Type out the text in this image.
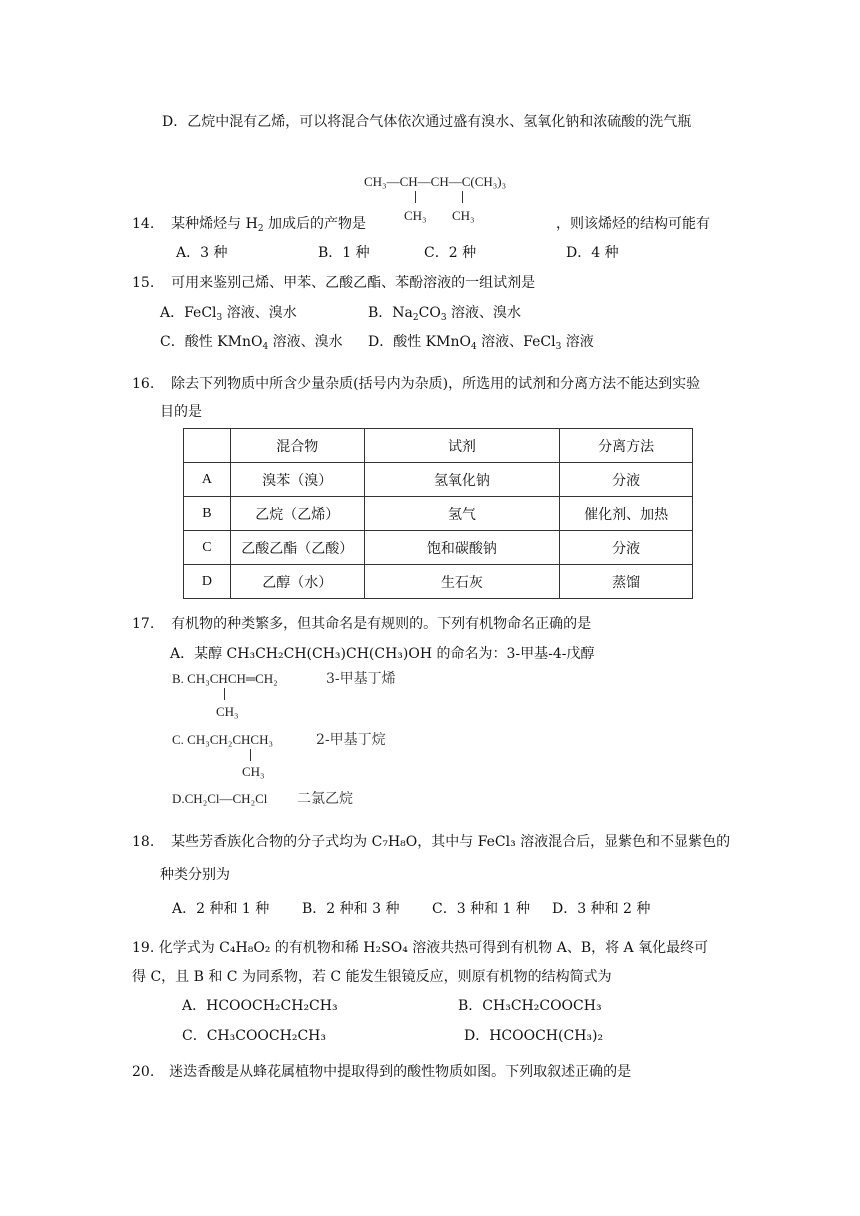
D．乙烷中混有乙烯，可以将混合气体依次通过盛有溴水、氢氧化钠和浓硫酸的洗气瓶
CH₃—CH—CH—C(CH₃)₃
CH₃ CH₃
14. 某种烯烃与 $H_2$ 加成后的产物是	，则该烯烃的结构可能有
A．3 种	B．1 种	C．2 种	D．4 种
15. 可用来鉴别己烯、甲苯、乙酸乙酯、苯酚溶液的一组试剂是
A．FeCl$_3$ 溶液、溴水	B．$Na_2CO_3$ 溶液、溴水
C．酸性 KMnO$_4$ 溶液、溴水 D．酸性 KMnO$_4$ 溶液、FeCl$_3$ 溶液
16. 除去下列物质中所含少量杂质(括号内为杂质)，所选用的试剂和分离方法不能达到实验
目的是
	混合物	试剂	分离方法
A	溴苯（溴）	氢氧化钠	分液
B	乙烷（乙烯）	氢气	催化剂、加热
C	乙酸乙酯（乙酸）	饱和碳酸钠	分液
D	乙醇（水）	生石灰	蒸馏
17. 有机物的种类繁多，但其命名是有规则的。下列有机物命名正确的是
A．某醇 CH₃CH₂CH(CH₃)CH(CH₃)OH 的命名为：3-甲基-4-戊醇
B. CH₃CHCH═CH₂
CH₃
3-甲基丁烯
C. CH₃CH₂CHCH₃
CH₃
2-甲基丁烷
D.CH₂Cl—CH₂Cl 二氯乙烷
18. 某些芳香族化合物的分子式均为 C₇H₈O，其中与 FeCl₃ 溶液混合后，显紫色和不显紫色的
种类分别为
A．2 种和 1 种 B．2 种和 3 种 C．3 种和 1 种 D．3 种和 2 种
19. 化学式为 C₄H₈O₂ 的有机物和稀 H₂SO₄ 溶液共热可得到有机物 A、B，将 A 氧化最终可
得 C，且 B 和 C 为同系物，若 C 能发生银镜反应，则原有机物的结构简式为
A．HCOOCH₂CH₂CH₃	B．CH₃CH₂COOCH₃
C．CH₃COOCH₂CH₃	D．HCOOCH(CH₃)₂
20. 迷迭香酸是从蜂花属植物中提取得到的酸性物质如图。下列取叙述正确的是
